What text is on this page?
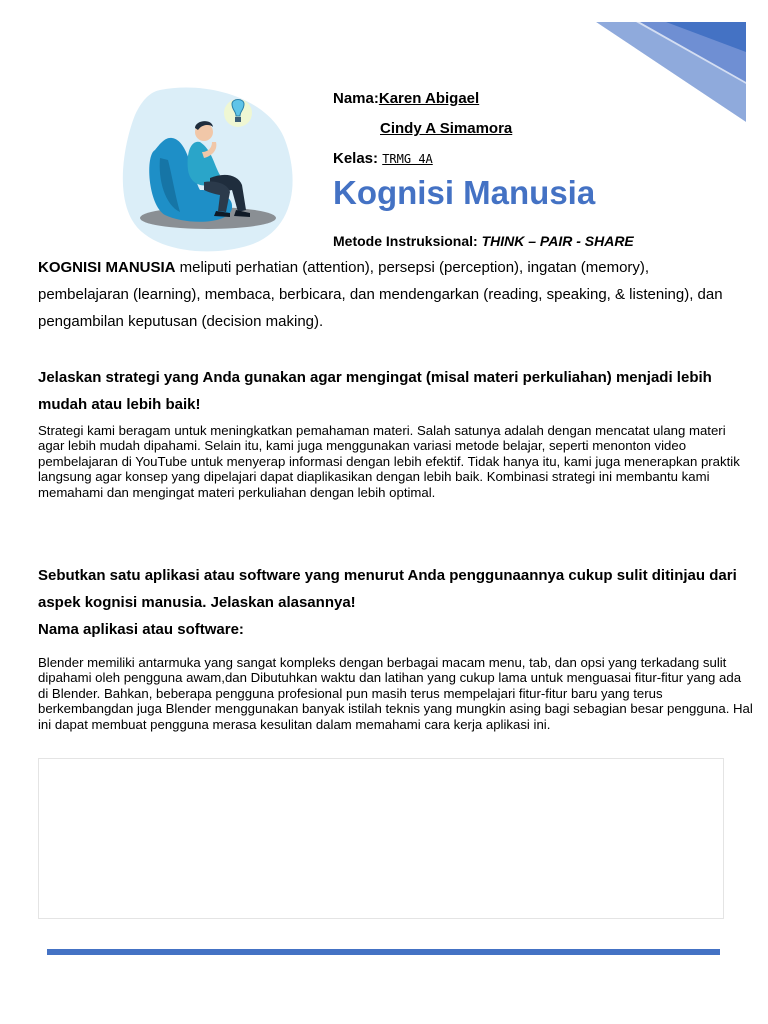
Nama:Karen Abigael
Cindy A Simamora
Kelas: TRMG 4A
Kognisi Manusia
Metode Instruksional: THINK – PAIR - SHARE
KOGNISI MANUSIA meliputi perhatian (attention), persepsi (perception), ingatan (memory), pembelajaran (learning), membaca, berbicara, dan mendengarkan (reading, speaking, & listening), dan pengambilan keputusan (decision making).
Jelaskan strategi yang Anda gunakan agar mengingat (misal materi perkuliahan) menjadi lebih mudah atau lebih baik!
Strategi kami beragam untuk meningkatkan pemahaman materi. Salah satunya adalah dengan mencatat ulang materi agar lebih mudah dipahami. Selain itu, kami juga menggunakan variasi metode belajar, seperti menonton video pembelajaran di YouTube untuk menyerap informasi dengan lebih efektif. Tidak hanya itu, kami juga menerapkan praktik langsung agar konsep yang dipelajari dapat diaplikasikan dengan lebih baik. Kombinasi strategi ini membantu kami memahami dan mengingat materi perkuliahan dengan lebih optimal.
Sebutkan satu aplikasi atau software yang menurut Anda penggunaannya cukup sulit ditinjau dari aspek kognisi manusia. Jelaskan alasannya!
Nama aplikasi atau software:
Blender memiliki antarmuka yang sangat kompleks dengan berbagai macam menu, tab, dan opsi yang terkadang sulit dipahami oleh pengguna awam,dan Dibutuhkan waktu dan latihan yang cukup lama untuk menguasai fitur-fitur yang ada di Blender. Bahkan, beberapa pengguna profesional pun masih terus mempelajari fitur-fitur baru yang terus berkembangdan juga Blender menggunakan banyak istilah teknis yang mungkin asing bagi sebagian besar pengguna. Hal ini dapat membuat pengguna merasa kesulitan dalam memahami cara kerja aplikasi ini.
